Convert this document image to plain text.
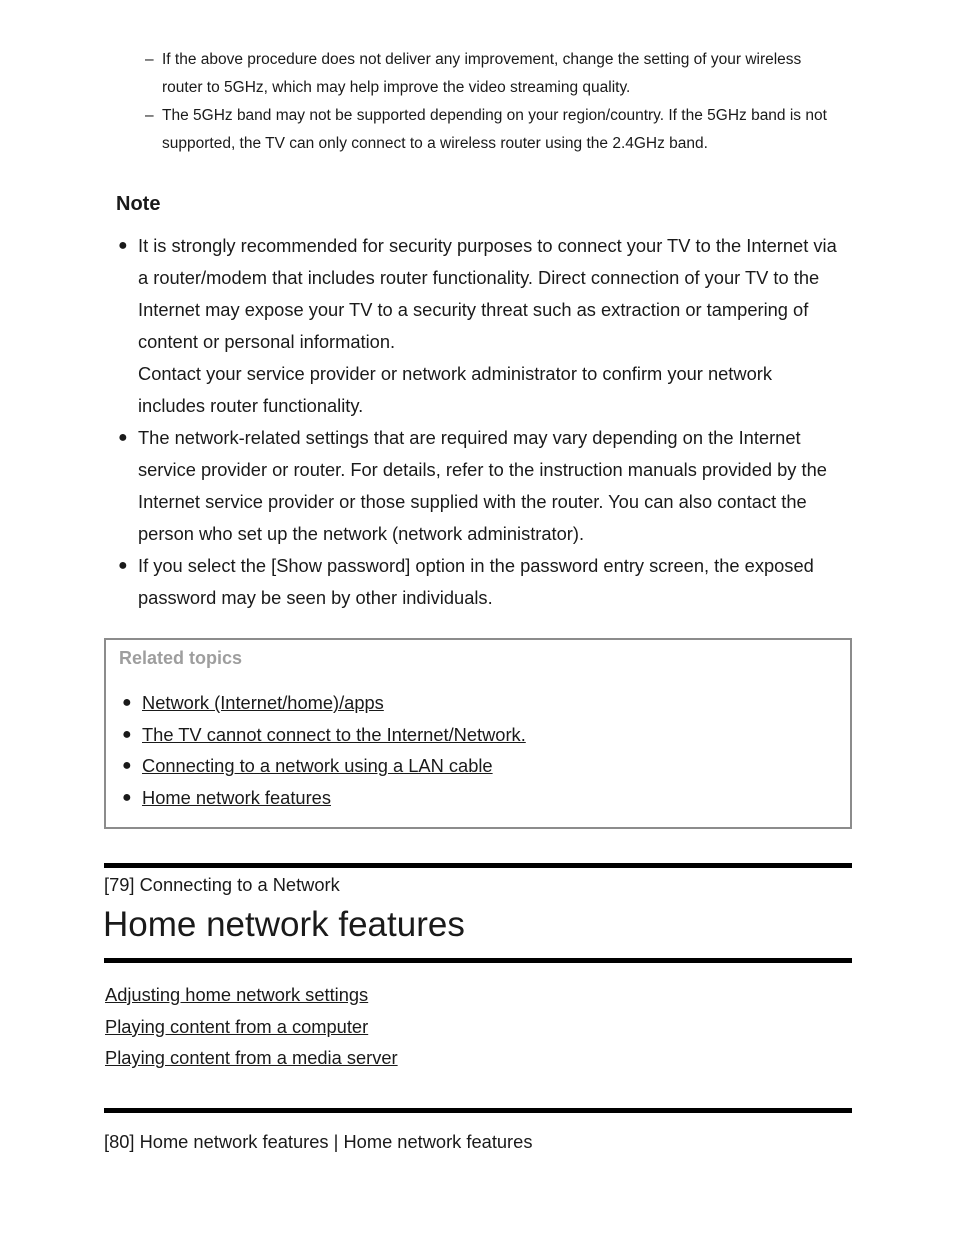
– If the above procedure does not deliver any improvement, change the setting of your wireless router to 5GHz, which may help improve the video streaming quality.
– The 5GHz band may not be supported depending on your region/country. If the 5GHz band is not supported, the TV can only connect to a wireless router using the 2.4GHz band.
Note
● It is strongly recommended for security purposes to connect your TV to the Internet via a router/modem that includes router functionality. Direct connection of your TV to the Internet may expose your TV to a security threat such as extraction or tampering of content or personal information.
Contact your service provider or network administrator to confirm your network includes router functionality.
● The network-related settings that are required may vary depending on the Internet service provider or router. For details, refer to the instruction manuals provided by the Internet service provider or those supplied with the router. You can also contact the person who set up the network (network administrator).
● If you select the [Show password] option in the password entry screen, the exposed password may be seen by other individuals.
Related topics
● Network (Internet/home)/apps
● The TV cannot connect to the Internet/Network.
● Connecting to a network using a LAN cable
● Home network features
[79] Connecting to a Network
Home network features
Adjusting home network settings
Playing content from a computer
Playing content from a media server
[80] Home network features | Home network features
